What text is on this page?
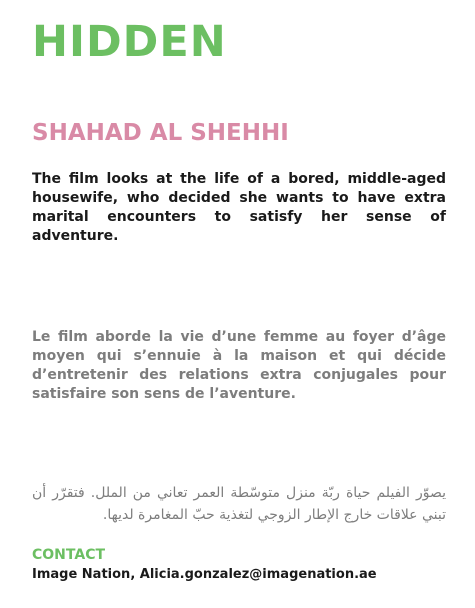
HIDDEN
SHAHAD AL SHEHHI

The film looks at the life of a bored, middle-aged housewife, who decided she wants to have extra marital encounters to satisfy her sense of adventure.

Le film aborde la vie d’une femme au foyer d’âge moyen qui s’ennuie à la maison et qui décide d’entretenir des relations extra conjugales pour satisfaire son sens de l’aventure.

يصوّر الفيلم حياة ربّة منزل متوسّطة العمر تعاني من الملل. فتقرّر أن تبني علاقات خارج الإطار الزوجي لتغذية حبّ المغامرة لديها.

CONTACT
Image Nation, Alicia.gonzalez@imagenation.ae
